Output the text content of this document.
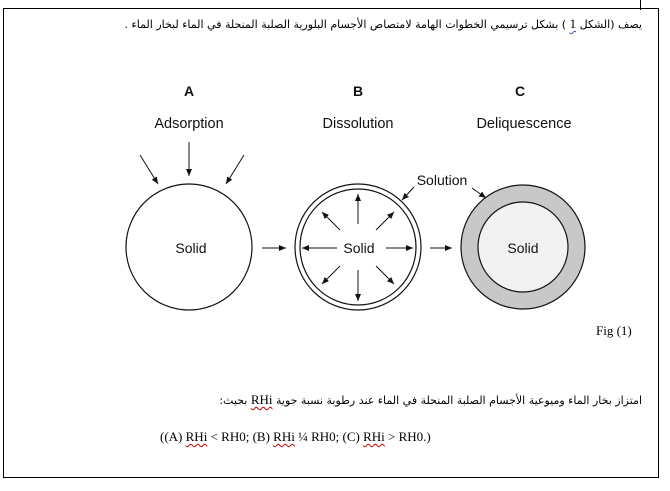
يصف (الشكل 1 ) بشكل ترسيمي الخطوات الهامة لامتصاص الأجسام البلورية الصلبة المنحلة في الماء لبخار الماء .
A	B	C
Adsorption	Dissolution	Deliquescence
Solid	Solid
Solution
Solid
Fig (1)
امتزاز بخار الماء وميوعية الأجسام الصلبة المنحلة في الماء عند رطوبة نسبة جوية RHi بحيث:
((A) RHi < RH0; (B) RHi ¼ RH0; (C) RHi > RH0.)
